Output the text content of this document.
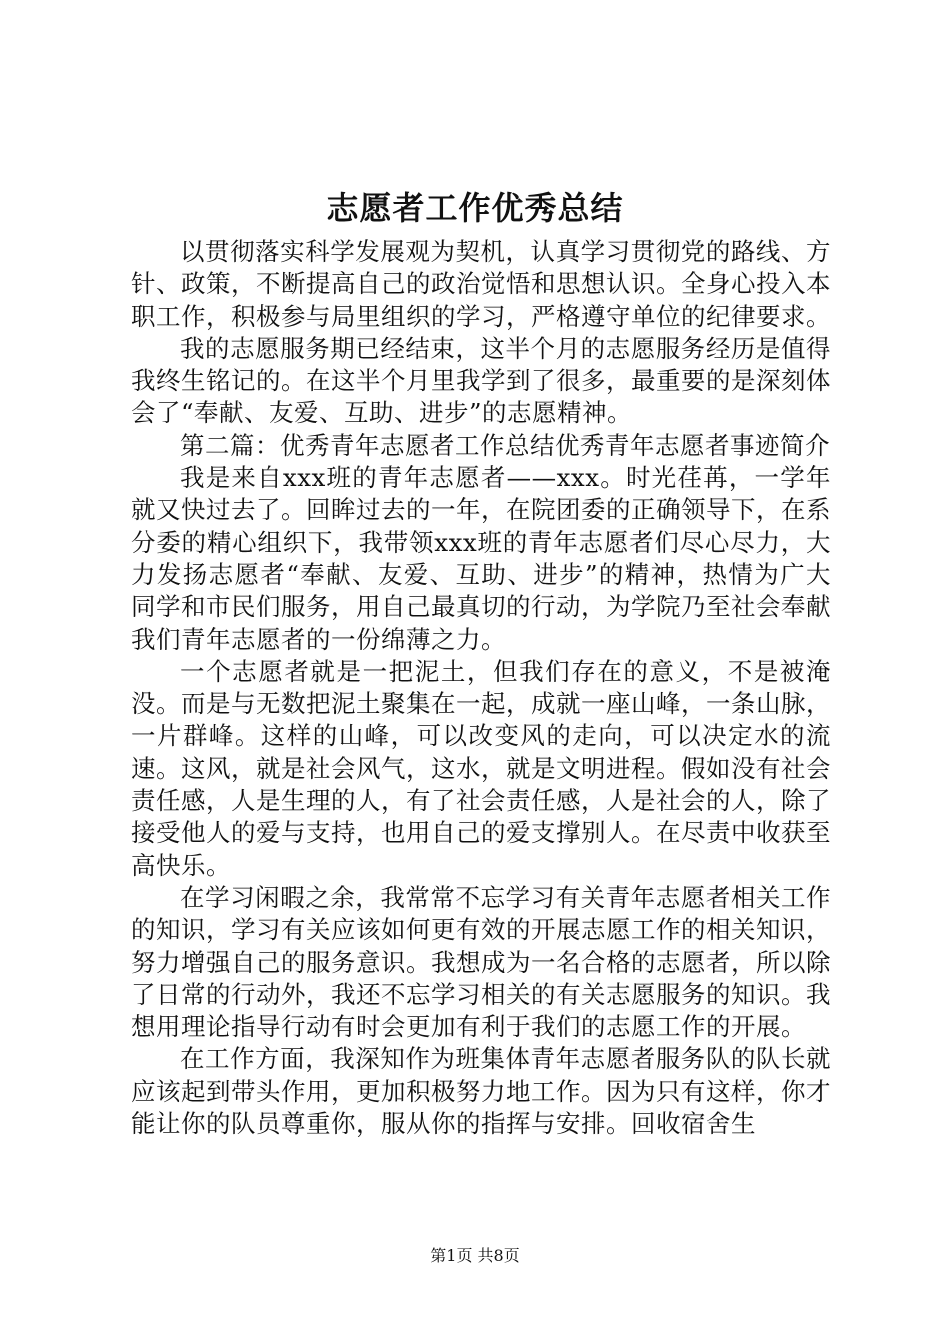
志愿者工作优秀总结

以贯彻落实科学发展观为契机，认真学习贯彻党的路线、方针、政策，不断提高自己的政治觉悟和思想认识。全身心投入本职工作，积极参与局里组织的学习，严格遵守单位的纪律要求。

我的志愿服务期已经结束，这半个月的志愿服务经历是值得我终生铭记的。在这半个月里我学到了很多，最重要的是深刻体会了“奉献、友爱、互助、进步”的志愿精神。

第二篇：优秀青年志愿者工作总结优秀青年志愿者事迹简介

我是来自xxx班的青年志愿者——xxx。时光荏苒，一学年就又快过去了。回眸过去的一年，在院团委的正确领导下，在系分委的精心组织下，我带领xxx班的青年志愿者们尽心尽力，大力发扬志愿者“奉献、友爱、互助、进步”的精神，热情为广大同学和市民们服务，用自己最真切的行动，为学院乃至社会奉献我们青年志愿者的一份绵薄之力。

一个志愿者就是一把泥土，但我们存在的意义，不是被淹没。而是与无数把泥土聚集在一起，成就一座山峰，一条山脉，一片群峰。这样的山峰，可以改变风的走向，可以决定水的流速。这风，就是社会风气，这水，就是文明进程。假如没有社会责任感，人是生理的人，有了社会责任感，人是社会的人，除了接受他人的爱与支持，也用自己的爱支撑别人。在尽责中收获至高快乐。

在学习闲暇之余，我常常不忘学习有关青年志愿者相关工作的知识，学习有关应该如何更有效的开展志愿工作的相关知识，努力增强自己的服务意识。我想成为一名合格的志愿者，所以除了日常的行动外，我还不忘学习相关的有关志愿服务的知识。我想用理论指导行动有时会更加有利于我们的志愿工作的开展。

在工作方面，我深知作为班集体青年志愿者服务队的队长就应该起到带头作用，更加积极努力地工作。因为只有这样，你才能让你的队员尊重你，服从你的指挥与安排。回收宿舍生

第1页 共8页
